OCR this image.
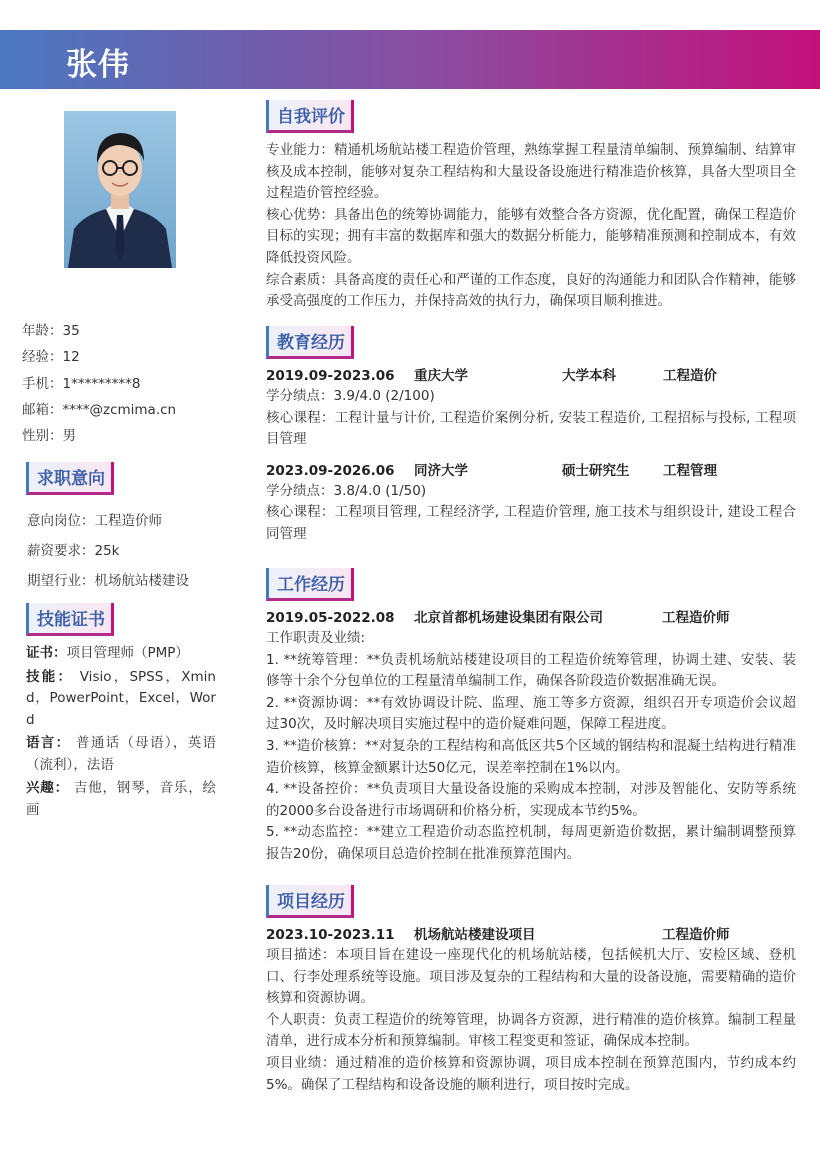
张伟
年龄：35
经验：12
手机：1*********8
邮箱：****@zcmima.cn
性别：男
求职意向
意向岗位：工程造价师
薪资要求：25k
期望行业：机场航站楼建设
技能证书
证书：项目管理师（PMP）
技能： Visio，SPSS，Xmind，PowerPoint，Excel，Word
语言： 普通话（母语），英语（流利），法语
兴趣： 吉他，钢琴，音乐，绘画
自我评价

专业能力：精通机场航站楼工程造价管理，熟练掌握工程量清单编制、预算编制、结算审核及成本控制，能够对复杂工程结构和大量设备设施进行精准造价核算，具备大型项目全过程造价管控经验。

核心优势：具备出色的统筹协调能力，能够有效整合各方资源，优化配置，确保工程造价目标的实现；拥有丰富的数据库和强大的数据分析能力，能够精准预测和控制成本，有效降低投资风险。

综合素质：具备高度的责任心和严谨的工作态度，良好的沟通能力和团队合作精神，能够承受高强度的工作压力，并保持高效的执行力，确保项目顺利推进。

教育经历
2019.09-2023.06	重庆大学	大学本科	工程造价

学分绩点：3.9/4.0 (2/100)

核心课程：工程计量与计价, 工程造价案例分析, 安装工程造价, 工程招标与投标, 工程项目管理

2023.09-2026.06	同济大学	硕士研究生	工程管理

学分绩点：3.8/4.0 (1/50)

核心课程：工程项目管理, 工程经济学, 工程造价管理, 施工技术与组织设计, 建设工程合同管理

工作经历
2019.05-2022.08	北京首都机场建设集团有限公司	工程造价师

工作职责及业绩:

1. **统筹管理：**负责机场航站楼建设项目的工程造价统筹管理，协调土建、安装、装修等十余个分包单位的工程量清单编制工作，确保各阶段造价数据准确无误。

2. **资源协调：**有效协调设计院、监理、施工等多方资源，组织召开专项造价会议超过30次，及时解决项目实施过程中的造价疑难问题，保障工程进度。

3. **造价核算：**对复杂的工程结构和高低区共5个区域的钢结构和混凝土结构进行精准造价核算，核算金额累计达50亿元，误差率控制在1%以内。

4. **设备控价：**负责项目大量设备设施的采购成本控制，对涉及智能化、安防等系统的2000多台设备进行市场调研和价格分析，实现成本节约5%。

5. **动态监控：**建立工程造价动态监控机制，每周更新造价数据，累计编制调整预算报告20份，确保项目总造价控制在批准预算范围内。

项目经历
2023.10-2023.11	机场航站楼建设项目	工程造价师

项目描述：本项目旨在建设一座现代化的机场航站楼，包括候机大厅、安检区域、登机口、行李处理系统等设施。项目涉及复杂的工程结构和大量的设备设施，需要精确的造价核算和资源协调。

个人职责：负责工程造价的统筹管理，协调各方资源，进行精准的造价核算。编制工程量清单，进行成本分析和预算编制。审核工程变更和签证，确保成本控制。

项目业绩：通过精准的造价核算和资源协调，项目成本控制在预算范围内，节约成本约5%。确保了工程结构和设备设施的顺利进行，项目按时完成。
